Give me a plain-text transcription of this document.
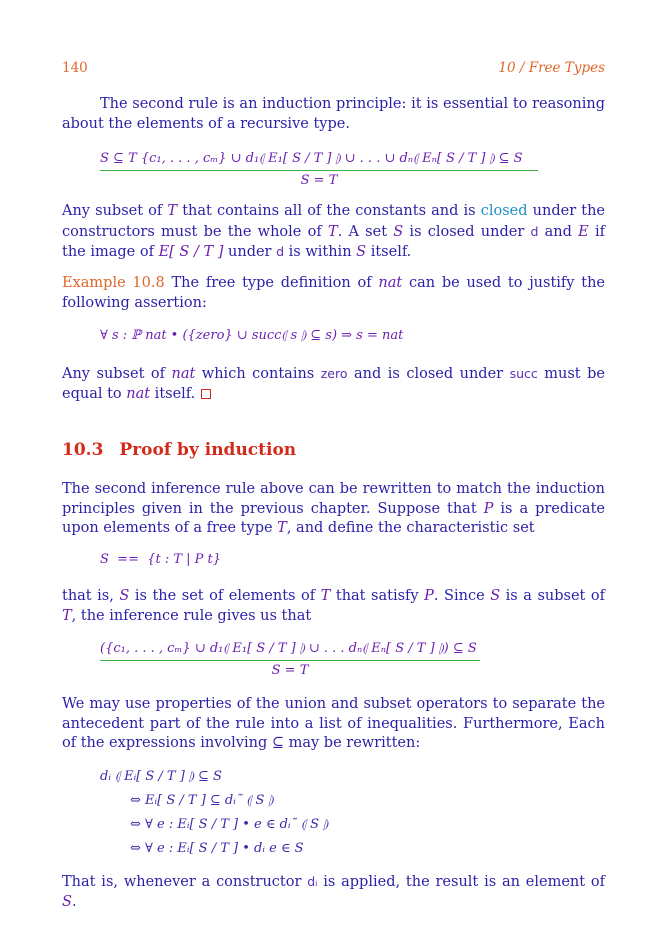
140	10 / Free Types
The second rule is an induction principle: it is essential to reasoning about the elements of a recursive type.
S ⊆ T {c₁, . . . , cₘ} ∪ d₁⦇ E₁[ S / T ] ⦈ ∪ . . . ∪ dₙ⦇ Eₙ[ S / T ] ⦈ ⊆ S
S = T
Any subset of T that contains all of the constants and is closed under the constructors must be the whole of T. A set S is closed under d and E if the image of E[ S / T ] under d is within S itself.
Example 10.8 The free type definition of nat can be used to justify the following assertion:
∀ s : ℙ nat • ({zero} ∪ succ⦇ s ⦈ ⊆ s) ⇒ s = nat
Any subset of nat which contains zero and is closed under succ must be equal to nat itself.
10.3 Proof by induction
The second inference rule above can be rewritten to match the induction principles given in the previous chapter. Suppose that P is a predicate upon elements of a free type T, and define the characteristic set
S  ==  {t : T | P t}
that is, S is the set of elements of T that satisfy P. Since S is a subset of T, the inference rule gives us that
({c₁, . . . , cₘ} ∪ d₁⦇ E₁[ S / T ] ⦈ ∪ . . . dₙ⦇ Eₙ[ S / T ] ⦈) ⊆ S
S = T
We may use properties of the union and subset operators to separate the antecedent part of the rule into a list of inequalities. Furthermore, Each of the expressions involving ⊆ may be rewritten:
dᵢ ⦇ Eᵢ[ S / T ] ⦈ ⊆ S
⇔ Eᵢ[ S / T ] ⊆ dᵢ˜ ⦇ S ⦈
⇔ ∀ e : Eᵢ[ S / T ] • e ∈ dᵢ˜ ⦇ S ⦈
⇔ ∀ e : Eᵢ[ S / T ] • dᵢ e ∈ S
That is, whenever a constructor dᵢ is applied, the result is an element of S.
